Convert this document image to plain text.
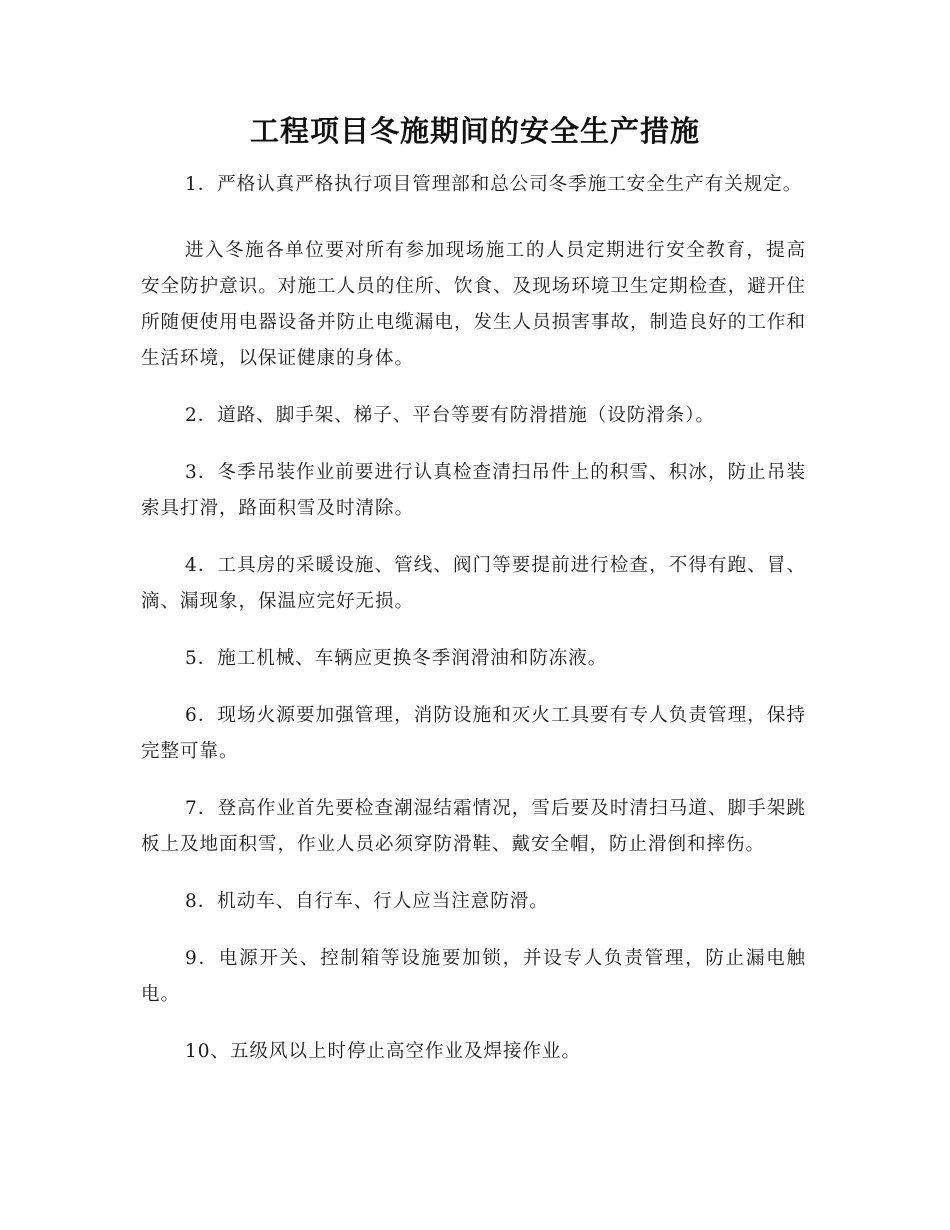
工程项目冬施期间的安全生产措施

1．严格认真严格执行项目管理部和总公司冬季施工安全生产有关规定。

进入冬施各单位要对所有参加现场施工的人员定期进行安全教育，提高安全防护意识。对施工人员的住所、饮食、及现场环境卫生定期检查，避开住所随便使用电器设备并防止电缆漏电，发生人员损害事故，制造良好的工作和生活环境，以保证健康的身体。

2．道路、脚手架、梯子、平台等要有防滑措施（设防滑条）。

3．冬季吊装作业前要进行认真检查清扫吊件上的积雪、积冰，防止吊装索具打滑，路面积雪及时清除。

4．工具房的采暖设施、管线、阀门等要提前进行检查，不得有跑、冒、滴、漏现象，保温应完好无损。

5．施工机械、车辆应更换冬季润滑油和防冻液。

6．现场火源要加强管理，消防设施和灭火工具要有专人负责管理，保持完整可靠。

7．登高作业首先要检查潮湿结霜情况，雪后要及时清扫马道、脚手架跳板上及地面积雪，作业人员必须穿防滑鞋、戴安全帽，防止滑倒和摔伤。

8．机动车、自行车、行人应当注意防滑。

9．电源开关、控制箱等设施要加锁，并设专人负责管理，防止漏电触电。

10、五级风以上时停止高空作业及焊接作业。
